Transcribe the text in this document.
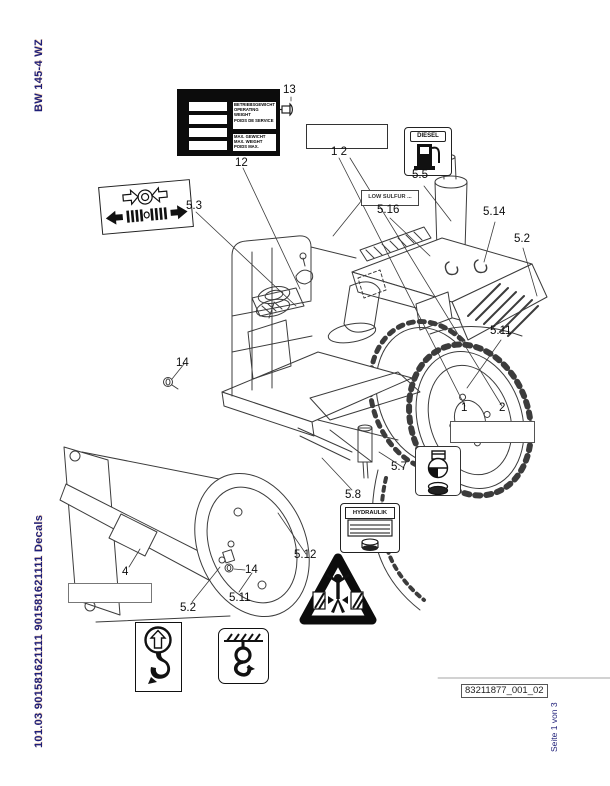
BW 145-4 WZ
101.03 901581621111 901581621111 Decals	Seite 1 von 3
83211877_001_02
BETRIEBSGEWICHT
OPERATING WEIGHT
POIDS DE SERVICE
MAX. GEWICHT
MAX. WEIGHT
POIDS MAX.
DIESEL
LOW SULFUR ...
HYDRAULIK
13
12
1 2
5.3
5.5
5.16	5.14
5.2
5.11
1	2
5.7
5.8
5.12
14
4	14
5.2
5.11
